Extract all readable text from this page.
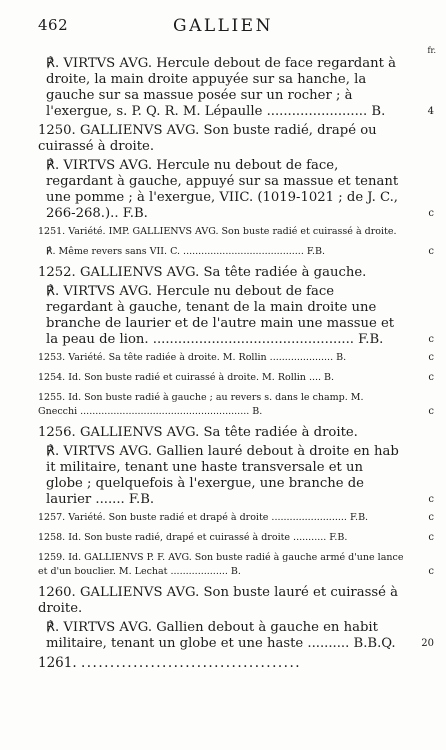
462	GALLIEN
fr.
℟. VIRTVS AVG. Hercule debout de face regardant à droite, la main droite appuyée sur sa hanche, la gauche sur sa massue posée sur un rocher ; à l'exergue, s. P. Q. R. M. Lépaulle ........................ B.	4
1250. GALLIENVS AVG. Son buste radié, drapé ou cuirassé à droite.
℟. VIRTVS AVG. Hercule nu debout de face, regardant à gauche, appuyé sur sa massue et tenant une pomme ; à l'exergue, VIIC. (1019-1021 ; de J. C., 266-268.).. F.B.	c
1251. Variété. IMP. GALLIENVS AVG. Son buste radié et cuirassé à droite.
℟. Même revers sans VII. C. ........................................ F.B.	c
1252. GALLIENVS AVG. Sa tête radiée à gauche.
℟. VIRTVS AVG. Hercule nu debout de face regardant à gauche, tenant de la main droite une branche de laurier et de l'autre main une massue et la peau de lion. ................................................ F.B.	c
1253. Variété. Sa tête radiée à droite. M. Rollin ..................... B.	c
1254. Id. Son buste radié et cuirassé à droite. M. Rollin .... B.	c
1255. Id. Son buste radié à gauche ; au revers s. dans le champ. M. Gnecchi ........................................................ B.	c
1256. GALLIENVS AVG. Sa tête radiée à droite.
℟. VIRTVS AVG. Gallien lauré debout à droite en hab it militaire, tenant une haste transversale et un globe ; quelquefois à l'exergue, une branche de laurier ....... F.B.	c
1257. Variété. Son buste radié et drapé à droite ......................... F.B.	c
1258. Id. Son buste radié, drapé et cuirassé à droite ........... F.B.	c
1259. Id. GALLIENVS P. F. AVG. Son buste radié à gauche armé d'une lance et d'un bouclier. M. Lechat ................... B.	c
1260. GALLIENVS AVG. Son buste lauré et cuirassé à droite.
℟. VIRTVS AVG. Gallien debout à gauche en habit militaire, tenant un globe et une haste .......... B.B.Q.	20
1261. ......................................
